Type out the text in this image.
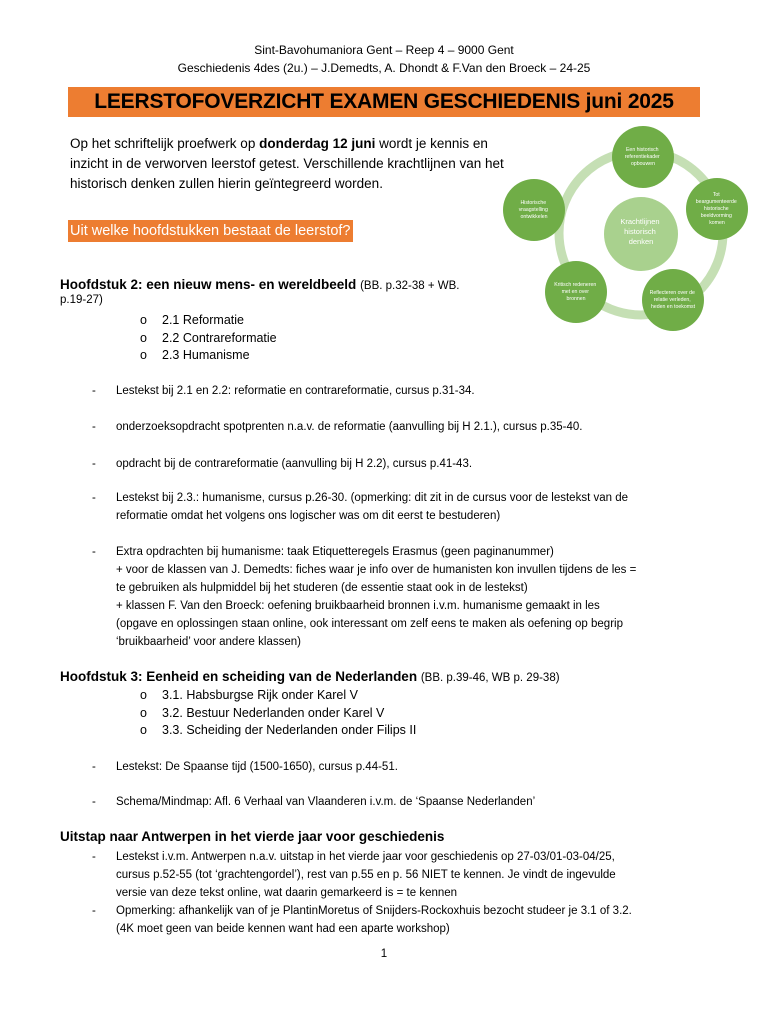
Sint-Bavohumaniora Gent – Reep 4 – 9000 Gent
Geschiedenis 4des (2u.) – J.Demedts, A. Dhondt & F.Van den Broeck – 24-25
LEERSTOFOVERZICHT EXAMEN GESCHIEDENIS juni 2025
Op het schriftelijk proefwerk op donderdag 12 juni wordt je kennis en inzicht in de verworven leerstof getest. Verschillende krachtlijnen van het historisch denken zullen hierin geïntegreerd worden.
Krachtlijnen historisch denken
Een historisch referentiekader opbouwen
Tot beargumenteerde historische beeldvorming komen
Reflecteren over de relatie verleden, heden en toekomst
Kritisch redeneren met en over bronnen
Historische vraagstelling ontwikkelen
Uit welke hoofdstukken bestaat de leerstof?
Hoofdstuk 2: een nieuw mens- en wereldbeeld (BB. p.32-38 + WB.
p.19-27)
o 2.1 Reformatie
o 2.2 Contrareformatie
o 2.3 Humanisme
- Lestekst bij 2.1 en 2.2: reformatie en contrareformatie, cursus p.31-34.
- onderzoeksopdracht spotprenten n.a.v. de reformatie (aanvulling bij H 2.1.), cursus p.35-40.
- opdracht bij de contrareformatie (aanvulling bij H 2.2), cursus p.41-43.
- Lestekst bij 2.3.: humanisme, cursus p.26-30. (opmerking: dit zit in de cursus voor de lestekst van de
reformatie omdat het volgens ons logischer was om dit eerst te bestuderen)
- Extra opdrachten bij humanisme: taak Etiquetteregels Erasmus (geen paginanummer)
+ voor de klassen van J. Demedts: fiches waar je info over de humanisten kon invullen tijdens de les =
te gebruiken als hulpmiddel bij het studeren (de essentie staat ook in de lestekst)
+ klassen F. Van den Broeck: oefening bruikbaarheid bronnen i.v.m. humanisme gemaakt in les
(opgave en oplossingen staan online, ook interessant om zelf eens te maken als oefening op begrip
‘bruikbaarheid’ voor andere klassen)
Hoofdstuk 3: Eenheid en scheiding van de Nederlanden (BB. p.39-46, WB p. 29-38)
o 3.1. Habsburgse Rijk onder Karel V
o 3.2. Bestuur Nederlanden onder Karel V
o 3.3. Scheiding der Nederlanden onder Filips II
- Lestekst: De Spaanse tijd (1500-1650), cursus p.44-51.
- Schema/Mindmap: Afl. 6 Verhaal van Vlaanderen i.v.m. de ‘Spaanse Nederlanden’
Uitstap naar Antwerpen in het vierde jaar voor geschiedenis
- Lestekst i.v.m. Antwerpen n.a.v. uitstap in het vierde jaar voor geschiedenis op 27-03/01-03-04/25,
cursus p.52-55 (tot ‘grachtengordel’), rest van p.55 en p. 56 NIET te kennen. Je vindt de ingevulde
versie van deze tekst online, wat daarin gemarkeerd is = te kennen
- Opmerking: afhankelijk van of je PlantinMoretus of Snijders-Rockoxhuis bezocht studeer je 3.1 of 3.2.
(4K moet geen van beide kennen want had een aparte workshop)
1
